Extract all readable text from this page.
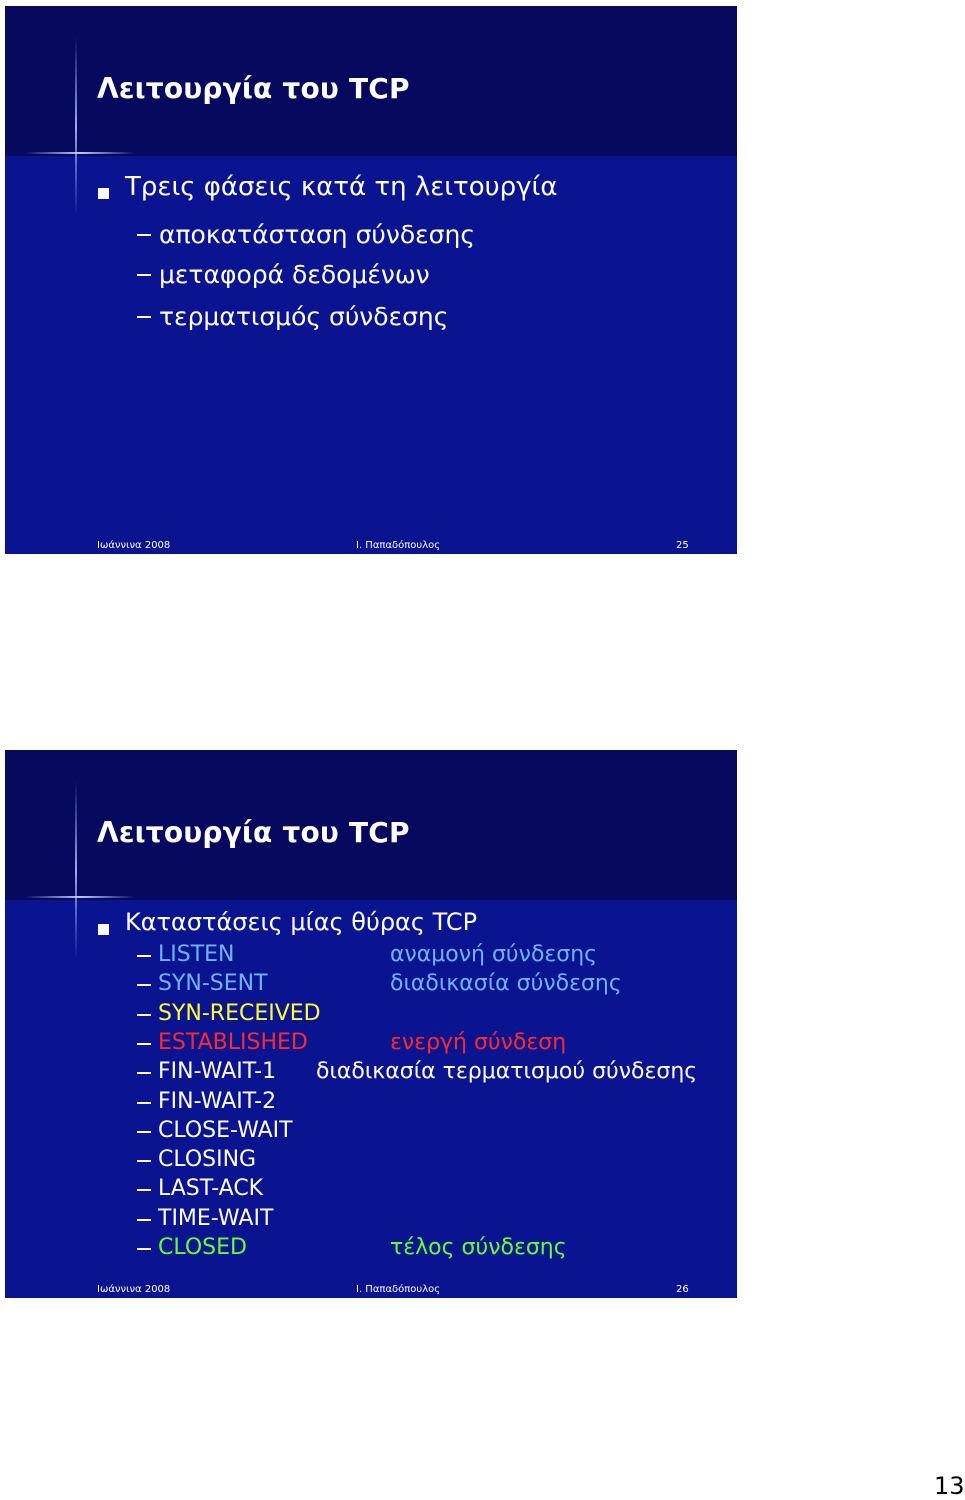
Λειτουργία του TCP
Τρεις φάσεις κατά τη λειτουργία
αποκατάσταση σύνδεσης
μεταφορά δεδομένων
τερματισμός σύνδεσης
Ιωάννινα 2008	Ι. Παπαδόπουλος	25
Λειτουργία του TCP
Καταστάσεις μίας θύρας TCP
LISTEN	αναμονή σύνδεσης
SYN-SENT	διαδικασία σύνδεσης
SYN-RECEIVED
ESTABLISHED	ενεργή σύνδεση
FIN-WAIT-1 διαδικασία τερματισμού σύνδεσης
FIN-WAIT-2
CLOSE-WAIT
CLOSING
LAST-ACK
TIME-WAIT
CLOSED	τέλος σύνδεσης
Ιωάννινα 2008	Ι. Παπαδόπουλος	26
13
